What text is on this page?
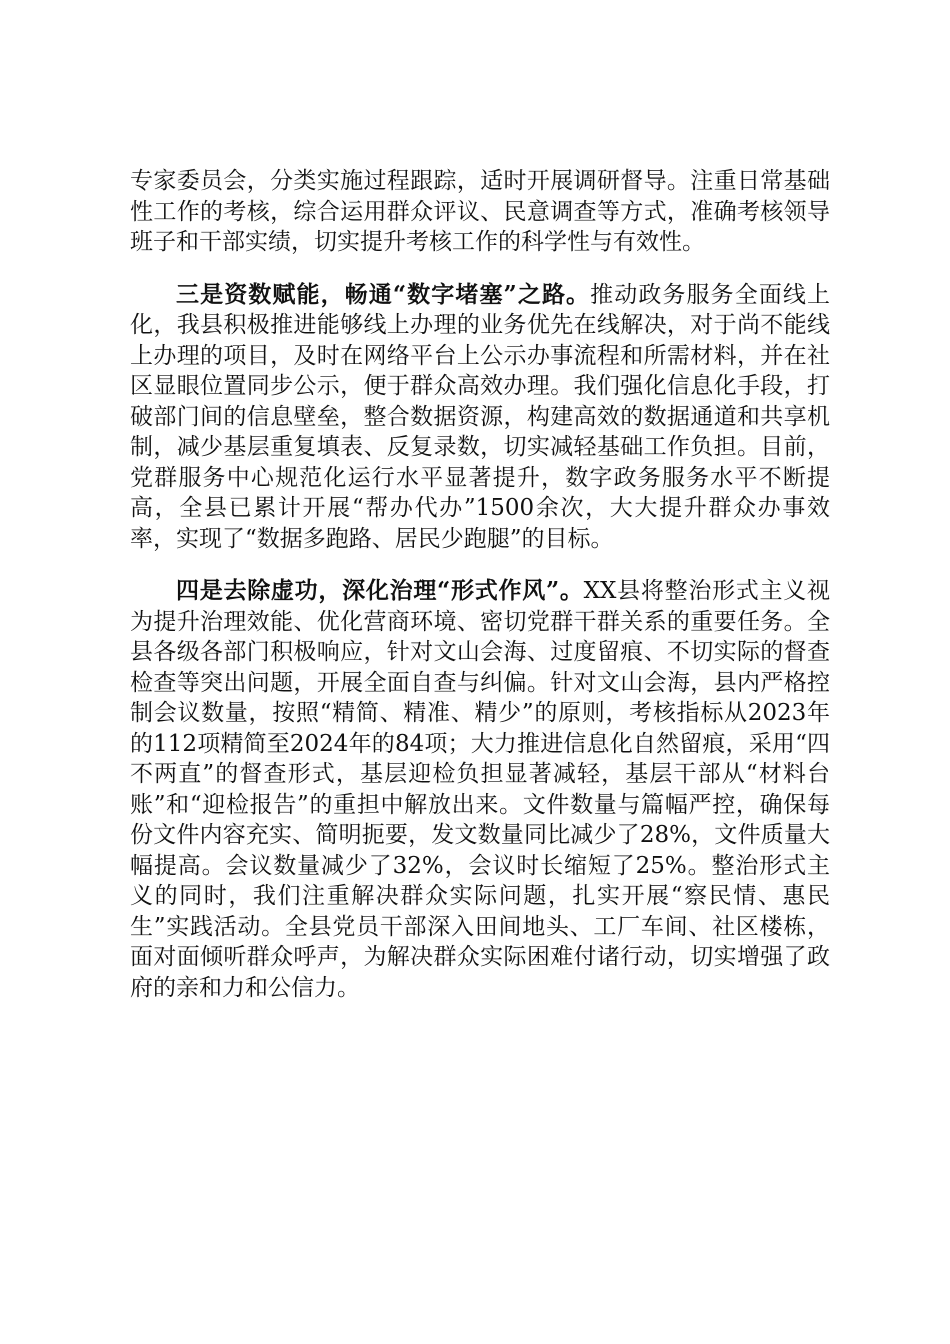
专家委员会，分类实施过程跟踪，适时开展调研督导。注重日常基础性工作的考核，综合运用群众评议、民意调查等方式，准确考核领导班子和干部实绩，切实提升考核工作的科学性与有效性。

三是资数赋能，畅通“数字堵塞”之路。推动政务服务全面线上化，我县积极推进能够线上办理的业务优先在线解决，对于尚不能线上办理的项目，及时在网络平台上公示办事流程和所需材料，并在社区显眼位置同步公示，便于群众高效办理。我们强化信息化手段，打破部门间的信息壁垒，整合数据资源，构建高效的数据通道和共享机制，减少基层重复填表、反复录数，切实减轻基础工作负担。目前，党群服务中心规范化运行水平显著提升，数字政务服务水平不断提高，全县已累计开展“帮办代办”1500余次，大大提升群众办事效率，实现了“数据多跑路、居民少跑腿”的目标。

四是去除虚功，深化治理“形式作风”。XX县将整治形式主义视为提升治理效能、优化营商环境、密切党群干群关系的重要任务。全县各级各部门积极响应，针对文山会海、过度留痕、不切实际的督查检查等突出问题，开展全面自查与纠偏。针对文山会海，县内严格控制会议数量，按照“精简、精准、精少”的原则，考核指标从2023年的112项精简至2024年的84项；大力推进信息化自然留痕，采用“四不两直”的督查形式，基层迎检负担显著减轻，基层干部从“材料台账”和“迎检报告”的重担中解放出来。文件数量与篇幅严控，确保每份文件内容充实、简明扼要，发文数量同比减少了28%，文件质量大幅提高。会议数量减少了32%，会议时长缩短了25%。整治形式主义的同时，我们注重解决群众实际问题，扎实开展“察民情、惠民生”实践活动。全县党员干部深入田间地头、工厂车间、社区楼栋，面对面倾听群众呼声，为解决群众实际困难付诸行动，切实增强了政府的亲和力和公信力。
